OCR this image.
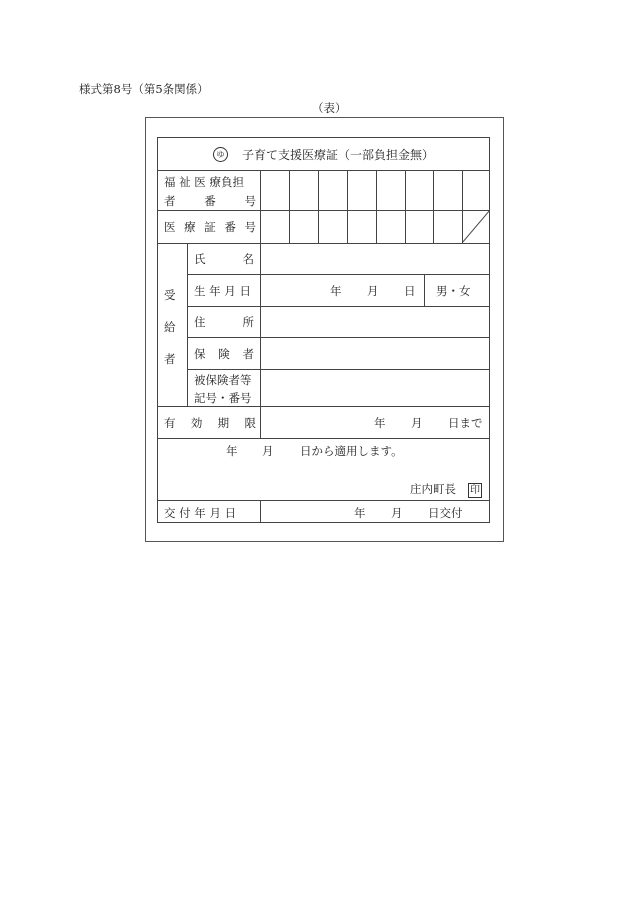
様式第8号（第5条関係）
（表）
ゆ 子育て支援医療証（一部負担金無）
福 祉 医 療負担
者	番	号
医 療 証 番 号
受
給
者
氏	名
生 年 月 日	年 月 日 男・女
住	所
保 険 者
被保険者等
記号・番号
有 効 期 限	年 月 日まで
年 月 日から適用します。
庄内町長 印
交 付 年 月 日	年 月 日交付
